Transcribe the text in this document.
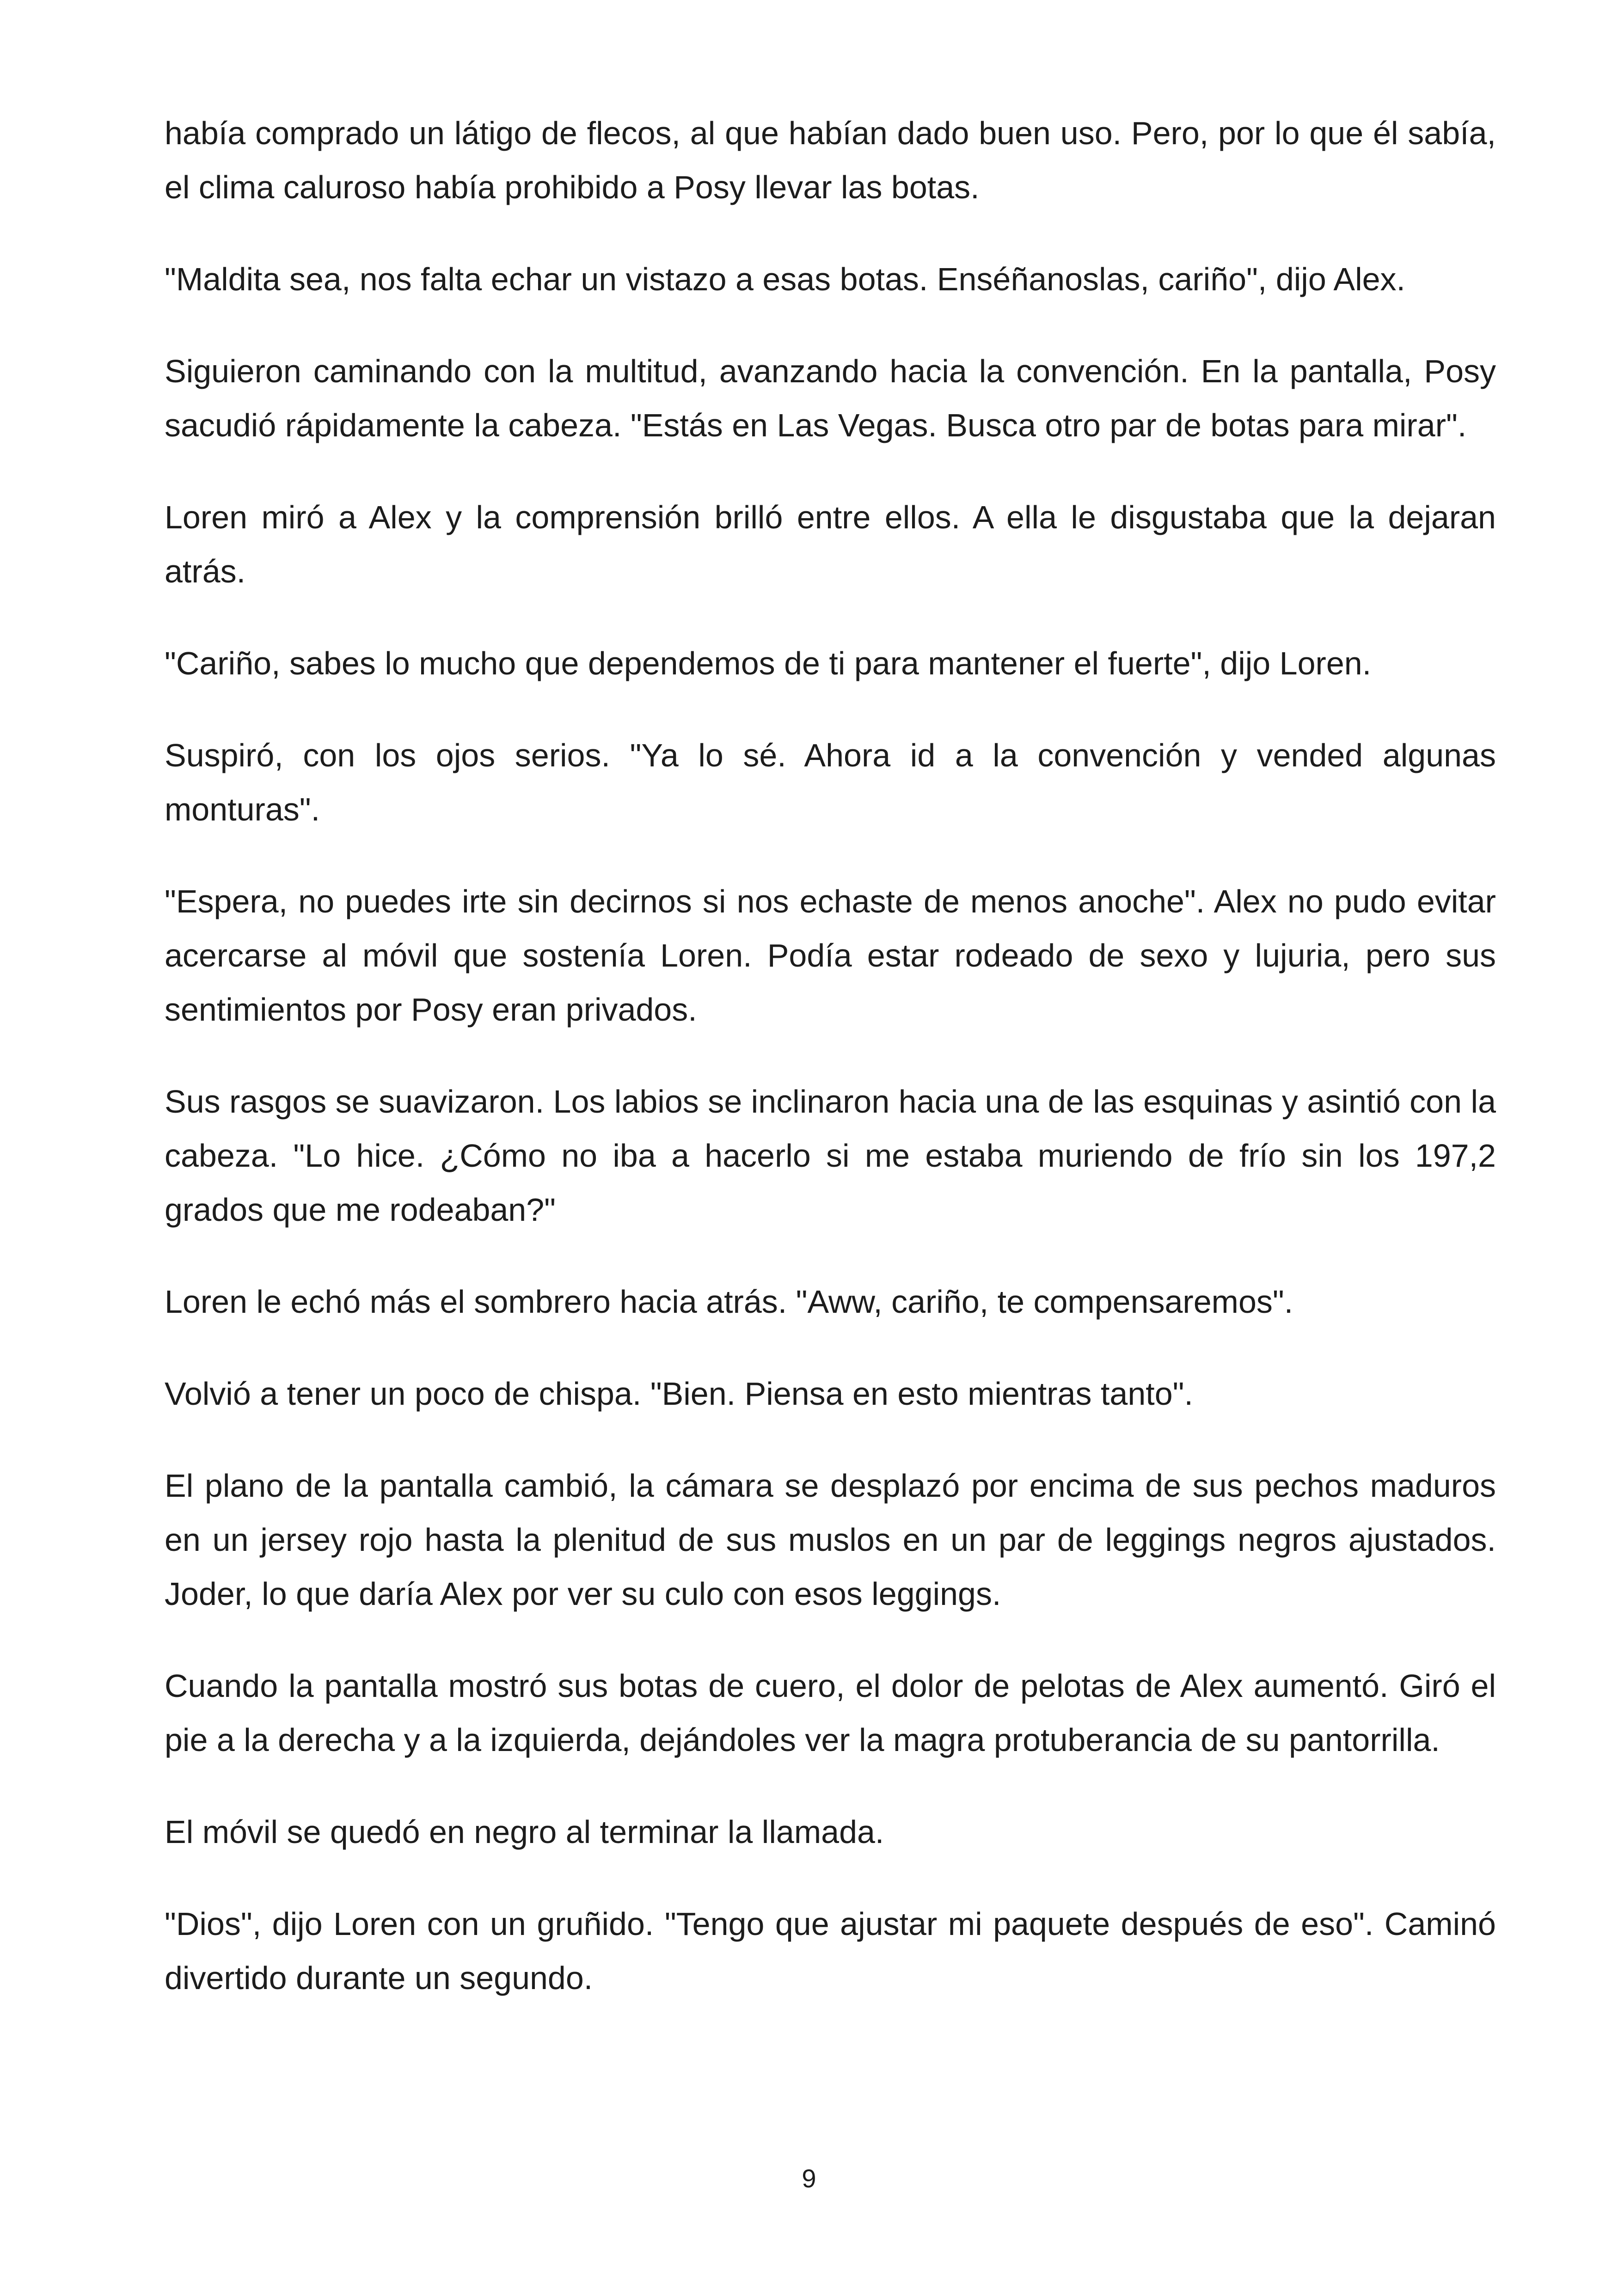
había comprado un látigo de flecos, al que habían dado buen uso. Pero, por lo que él sabía, el clima caluroso había prohibido a Posy llevar las botas.

"Maldita sea, nos falta echar un vistazo a esas botas. Enséñanoslas, cariño", dijo Alex.

Siguieron caminando con la multitud, avanzando hacia la convención. En la pantalla, Posy sacudió rápidamente la cabeza. "Estás en Las Vegas. Busca otro par de botas para mirar".

Loren miró a Alex y la comprensión brilló entre ellos. A ella le disgustaba que la dejaran atrás.

"Cariño, sabes lo mucho que dependemos de ti para mantener el fuerte", dijo Loren.

Suspiró, con los ojos serios. "Ya lo sé. Ahora id a la convención y vended algunas monturas".

"Espera, no puedes irte sin decirnos si nos echaste de menos anoche". Alex no pudo evitar acercarse al móvil que sostenía Loren. Podía estar rodeado de sexo y lujuria, pero sus sentimientos por Posy eran privados.

Sus rasgos se suavizaron. Los labios se inclinaron hacia una de las esquinas y asintió con la cabeza. "Lo hice. ¿Cómo no iba a hacerlo si me estaba muriendo de frío sin los 197,2 grados que me rodeaban?"

Loren le echó más el sombrero hacia atrás. "Aww, cariño, te compensaremos".

Volvió a tener un poco de chispa. "Bien. Piensa en esto mientras tanto".

El plano de la pantalla cambió, la cámara se desplazó por encima de sus pechos maduros en un jersey rojo hasta la plenitud de sus muslos en un par de leggings negros ajustados. Joder, lo que daría Alex por ver su culo con esos leggings.

Cuando la pantalla mostró sus botas de cuero, el dolor de pelotas de Alex aumentó. Giró el pie a la derecha y a la izquierda, dejándoles ver la magra protuberancia de su pantorrilla.

El móvil se quedó en negro al terminar la llamada.

"Dios", dijo Loren con un gruñido. "Tengo que ajustar mi paquete después de eso". Caminó divertido durante un segundo.

9
